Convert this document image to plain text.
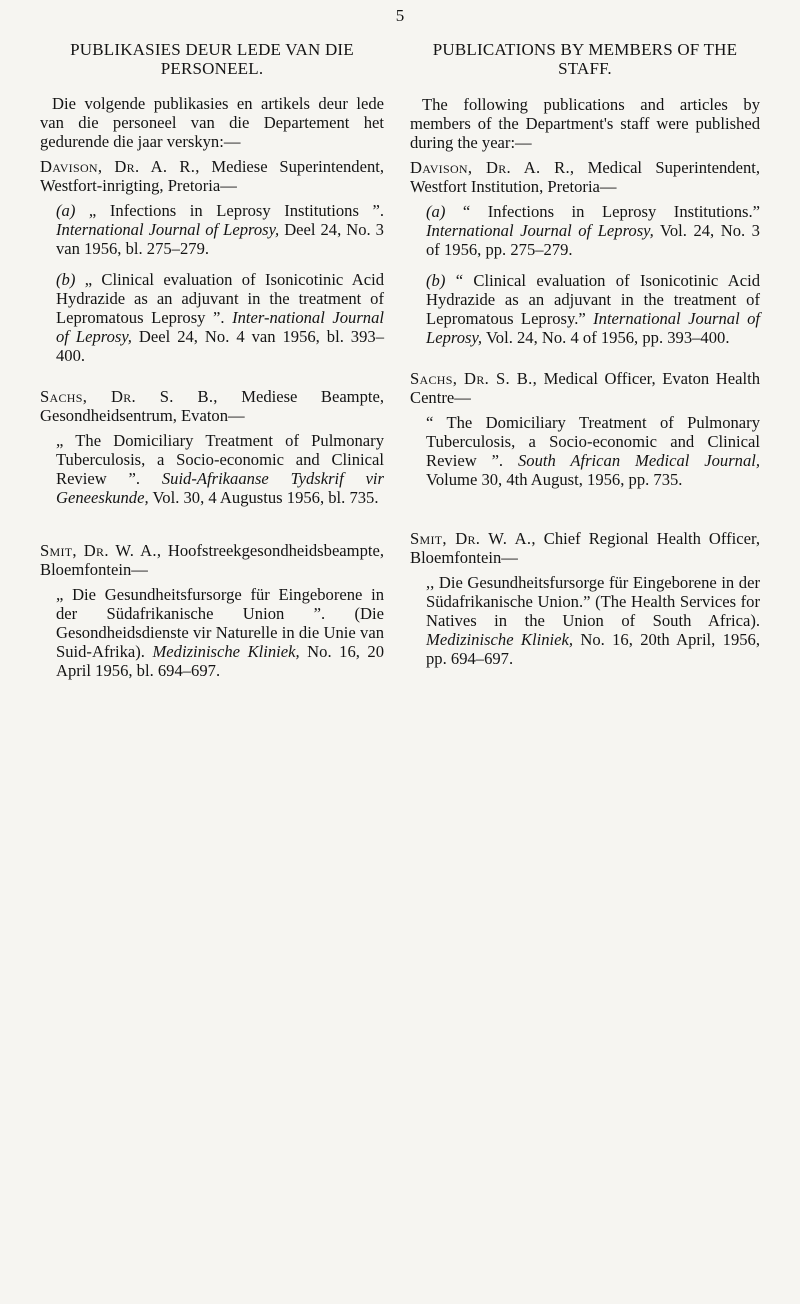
5
PUBLIKASIES DEUR LEDE VAN DIE PERSONEEL.

Die volgende publikasies en artikels deur lede van die personeel van die Departement het gedurende die jaar verskyn:—

Davison, Dr. A. R., Mediese Superintendent, Westfort-inrigting, Pretoria—

(a) „ Infections in Leprosy Institutions ”. International Journal of Leprosy, Deel 24, No. 3 van 1956, bl. 275–279.

(b) „ Clinical evaluation of Isonicotinic Acid Hydrazide as an adjuvant in the treatment of Lepromatous Leprosy ”. Inter-national Journal of Leprosy, Deel 24, No. 4 van 1956, bl. 393–400.

Sachs, Dr. S. B., Mediese Beampte, Gesondheidsentrum, Evaton—

„ The Domiciliary Treatment of Pulmonary Tuberculosis, a Socio-economic and Clinical Review ”. Suid-Afrikaanse Tydskrif vir Geneeskunde, Vol. 30, 4 Augustus 1956, bl. 735.

Smit, Dr. W. A., Hoofstreekgesondheidsbeampte, Bloemfontein—

„ Die Gesundheitsfursorge für Eingeborene in der Südafrikanische Union ”. (Die Gesondheidsdienste vir Naturelle in die Unie van Suid-Afrika). Medizinische Kliniek, No. 16, 20 April 1956, bl. 694–697.

PUBLICATIONS BY MEMBERS OF THE STAFF.

The following publications and articles by members of the Department's staff were published during the year:—

Davison, Dr. A. R., Medical Superintendent, Westfort Institution, Pretoria—

(a) “ Infections in Leprosy Institutions.” International Journal of Leprosy, Vol. 24, No. 3 of 1956, pp. 275–279.

(b) “ Clinical evaluation of Isonicotinic Acid Hydrazide as an adjuvant in the treatment of Lepromatous Leprosy.” International Journal of Leprosy, Vol. 24, No. 4 of 1956, pp. 393–400.

Sachs, Dr. S. B., Medical Officer, Evaton Health Centre—

“ The Domiciliary Treatment of Pulmonary Tuberculosis, a Socio-economic and Clinical Review ”. South African Medical Journal, Volume 30, 4th August, 1956, pp. 735.

Smit, Dr. W. A., Chief Regional Health Officer, Bloemfontein—

,, Die Gesundheitsfursorge für Eingeborene in der Südafrikanische Union.” (The Health Services for Natives in the Union of South Africa). Medizinische Kliniek, No. 16, 20th April, 1956, pp. 694–697.
